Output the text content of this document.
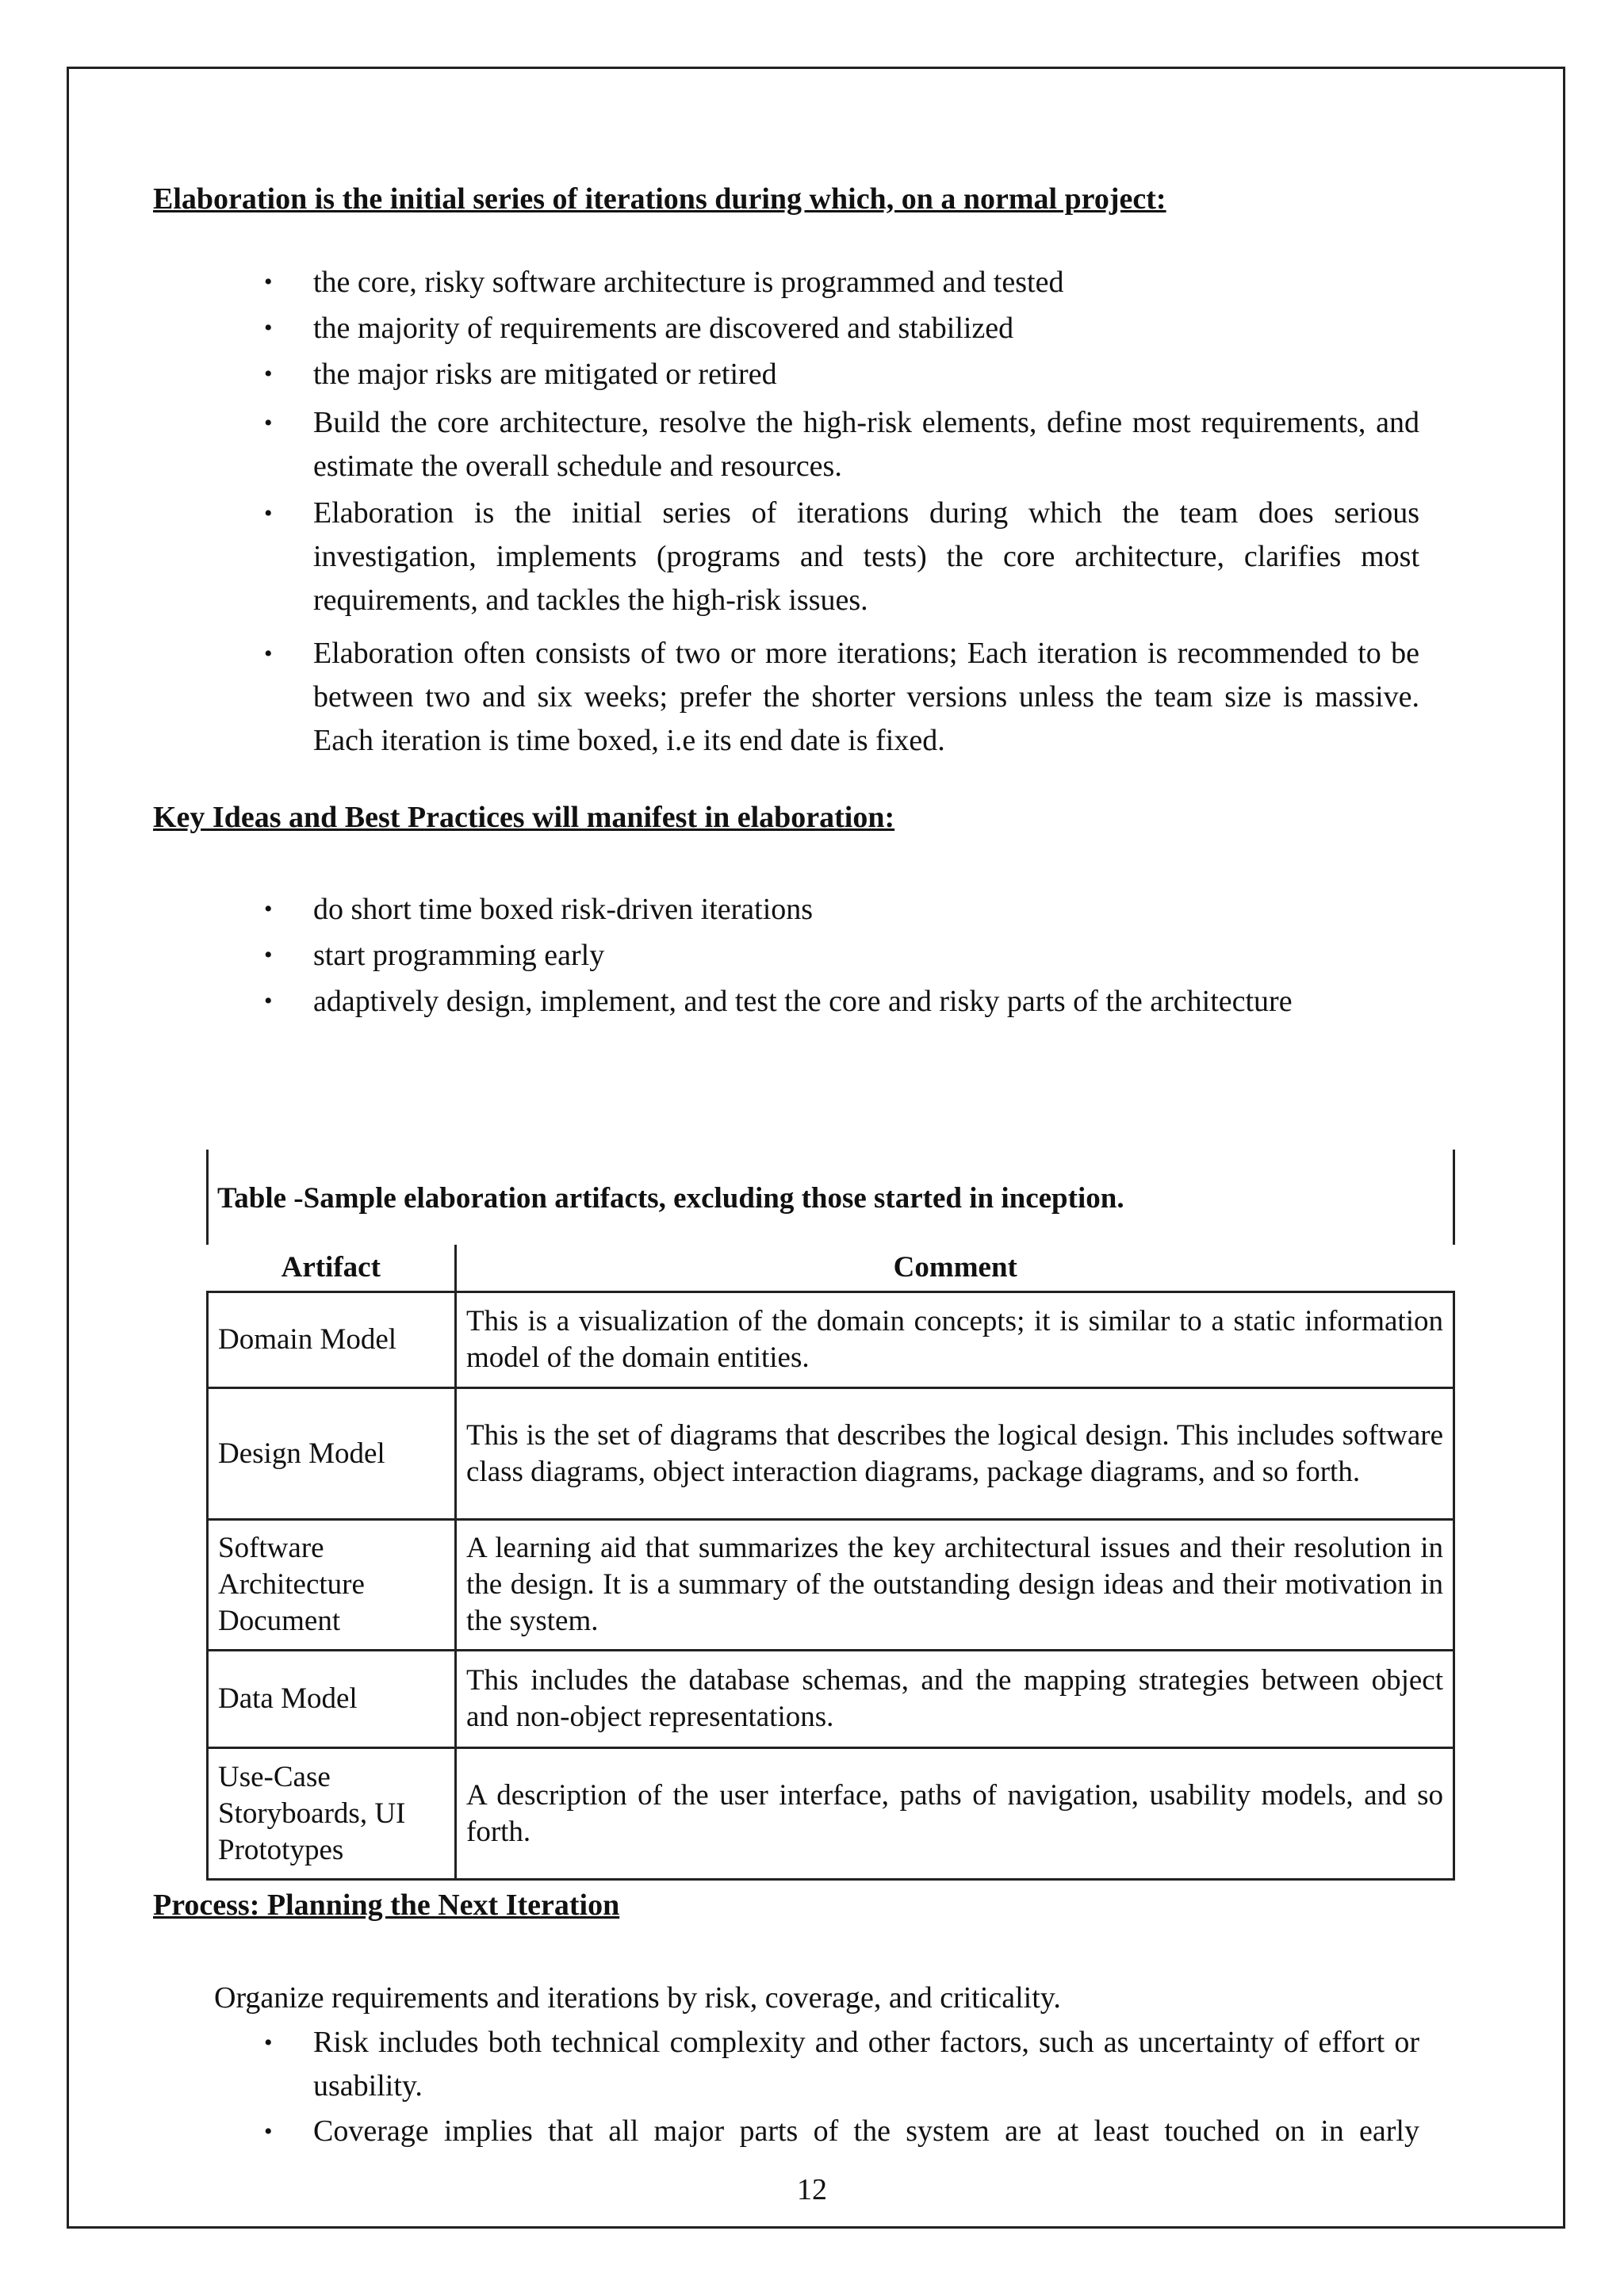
Elaboration is the initial series of iterations during which, on a normal project:
• the core, risky software architecture is programmed and tested
• the majority of requirements are discovered and stabilized
• the major risks are mitigated or retired
• Build the core architecture, resolve the high-risk elements, define most requirements, and estimate the overall schedule and resources.
• Elaboration is the initial series of iterations during which the team does serious investigation, implements (programs and tests) the core architecture, clarifies most requirements, and tackles the high-risk issues.
• Elaboration often consists of two or more iterations; Each iteration is recommended to be between two and six weeks; prefer the shorter versions unless the team size is massive. Each iteration is time boxed, i.e its end date is fixed.
Key Ideas and Best Practices will manifest in elaboration:
• do short time boxed risk-driven iterations
• start programming early
• adaptively design, implement, and test the core and risky parts of the architecture
Table -Sample elaboration artifacts, excluding those started in inception.
Artifact	Comment
Domain Model	This is a visualization of the domain concepts; it is similar to a static information model of the domain entities.
Design Model	This is the set of diagrams that describes the logical design. This includes software class diagrams, object interaction diagrams, package diagrams, and so forth.
Software Architecture Document	A learning aid that summarizes the key architectural issues and their resolution in the design. It is a summary of the outstanding design ideas and their motivation in the system.
Data Model	This includes the database schemas, and the mapping strategies between object and non-object representations.
Use-Case Storyboards, UI Prototypes	A description of the user interface, paths of navigation, usability models, and so forth.
Process: Planning the Next Iteration
Organize requirements and iterations by risk, coverage, and criticality.
• Risk includes both technical complexity and other factors, such as uncertainty of effort or usability.
• Coverage implies that all major parts of the system are at least touched on in early
12
